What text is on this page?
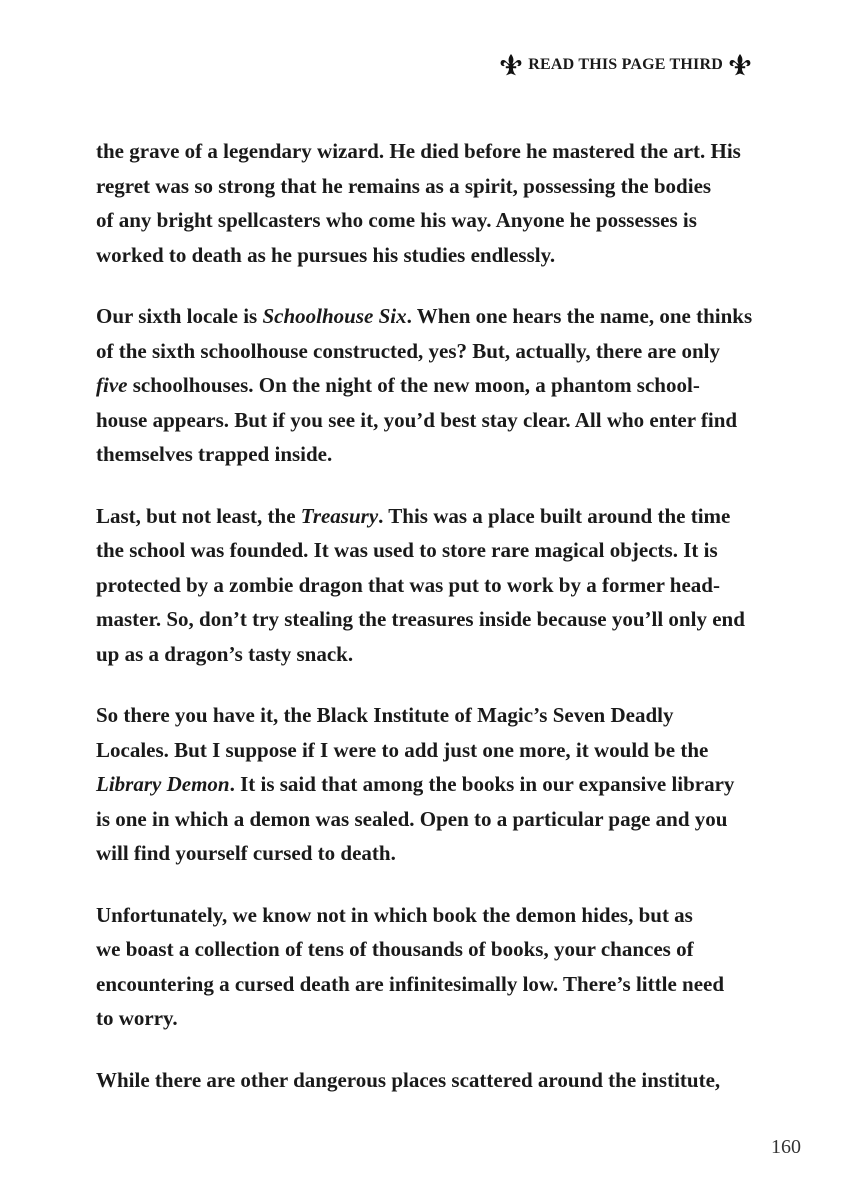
READ THIS PAGE THIRD

the grave of a legendary wizard. He died before he mastered the art. His
regret was so strong that he remains as a spirit, possessing the bodies
of any bright spellcasters who come his way. Anyone he possesses is
worked to death as he pursues his studies endlessly.

Our sixth locale is Schoolhouse Six. When one hears the name, one thinks
of the sixth schoolhouse constructed, yes? But, actually, there are only
five schoolhouses. On the night of the new moon, a phantom school-
house appears. But if you see it, you’d best stay clear. All who enter find
themselves trapped inside.

Last, but not least, the Treasury. This was a place built around the time
the school was founded. It was used to store rare magical objects. It is
protected by a zombie dragon that was put to work by a former head-
master. So, don’t try stealing the treasures inside because you’ll only end
up as a dragon’s tasty snack.

So there you have it, the Black Institute of Magic’s Seven Deadly
Locales. But I suppose if I were to add just one more, it would be the
Library Demon. It is said that among the books in our expansive library
is one in which a demon was sealed. Open to a particular page and you
will find yourself cursed to death.

Unfortunately, we know not in which book the demon hides, but as
we boast a collection of tens of thousands of books, your chances of
encountering a cursed death are infinitesimally low. There’s little need
to worry.

While there are other dangerous places scattered around the institute,

160
